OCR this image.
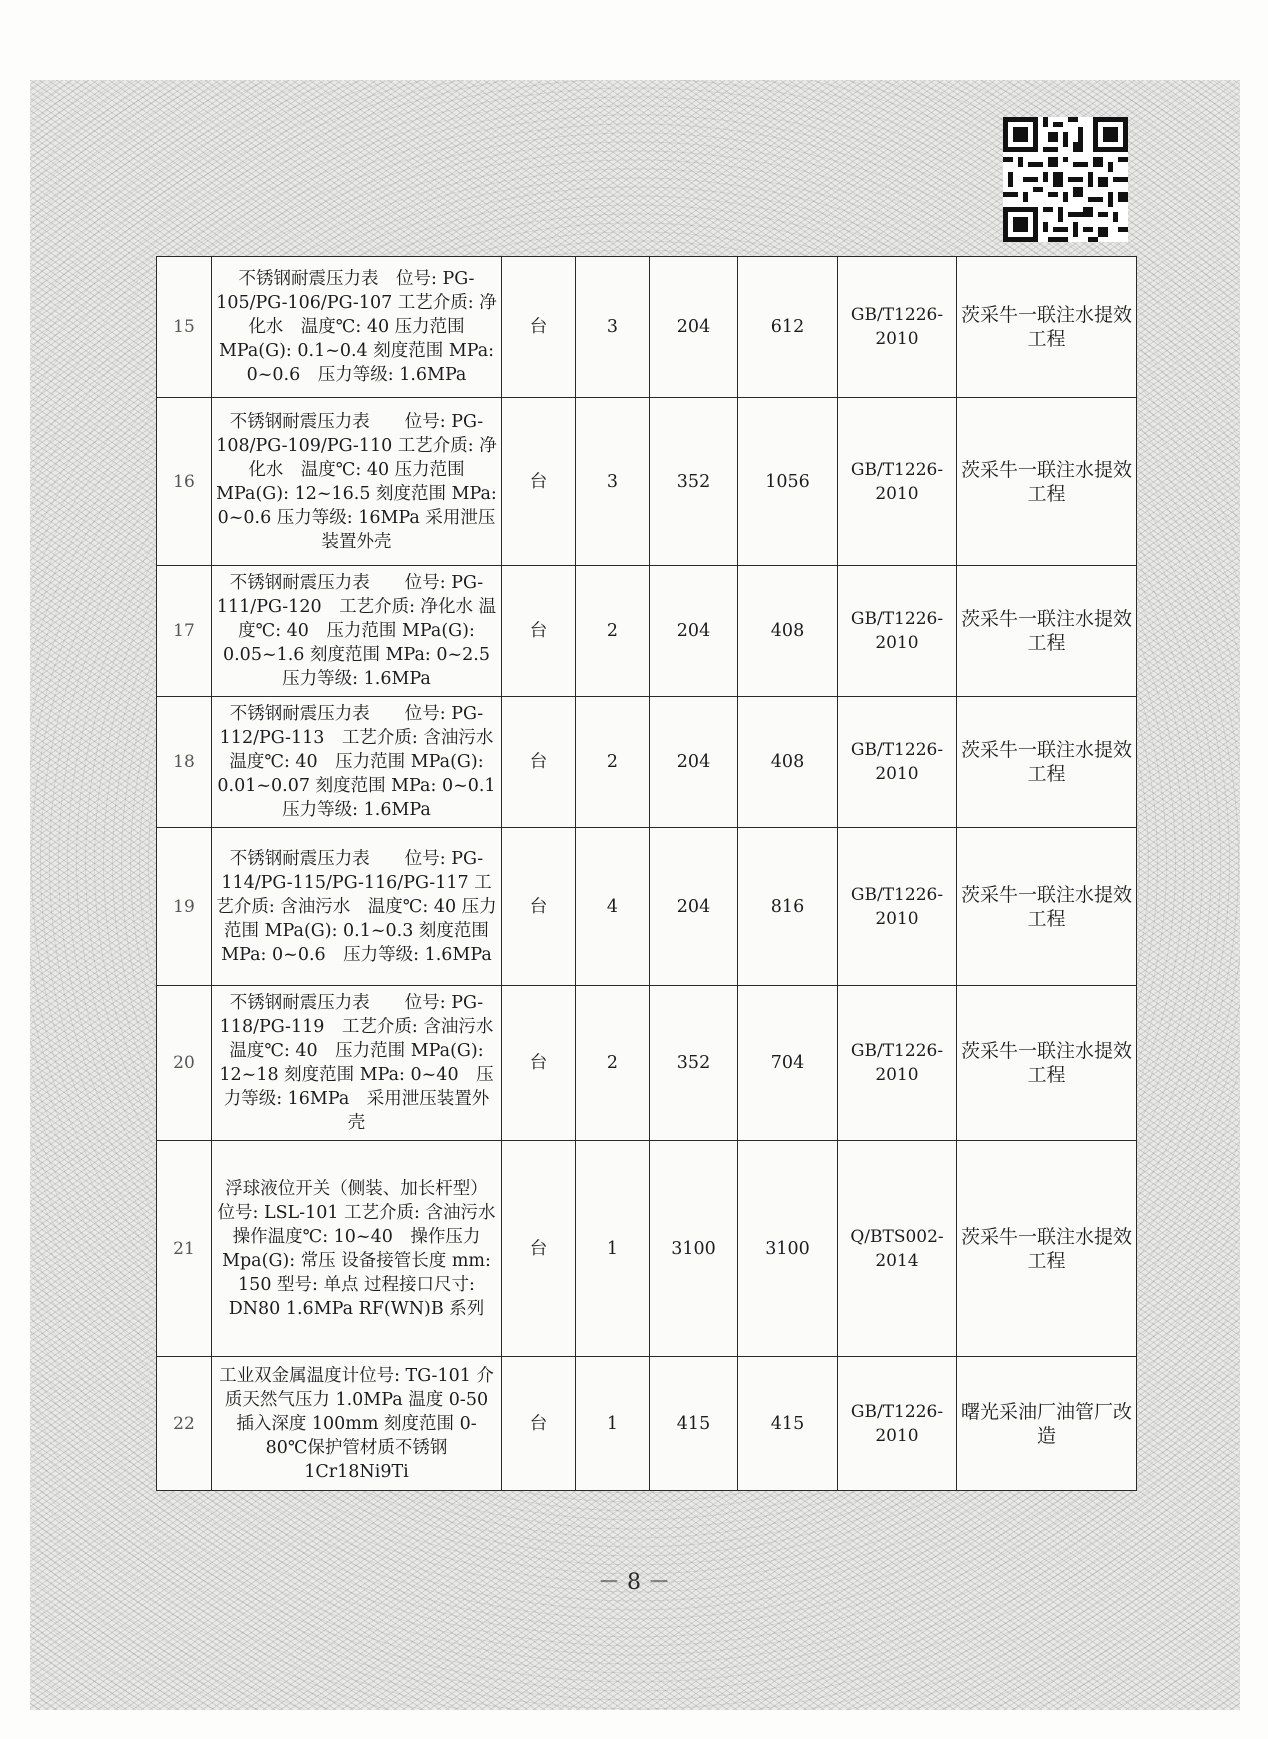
15	不锈钢耐震压力表　位号: PG-105/PG-106/PG-107 工艺介质: 净化水　温度℃: 40 压力范围 MPa(G): 0.1~0.4 刻度范围 MPa: 0~0.6　压力等级: 1.6MPa	台	3	204	612	GB/T1226-2010	茨采牛一联注水提效工程
16	不锈钢耐震压力表　　位号: PG-108/PG-109/PG-110 工艺介质: 净化水　温度℃: 40 压力范围 MPa(G): 12~16.5 刻度范围 MPa: 0~0.6 压力等级: 16MPa 采用泄压装置外壳	台	3	352	1056	GB/T1226-2010	茨采牛一联注水提效工程
17	不锈钢耐震压力表　　位号: PG-111/PG-120　工艺介质: 净化水 温度℃: 40　压力范围 MPa(G): 0.05~1.6 刻度范围 MPa: 0~2.5　压力等级: 1.6MPa	台	2	204	408	GB/T1226-2010	茨采牛一联注水提效工程
18	不锈钢耐震压力表　　位号: PG-112/PG-113　工艺介质: 含油污水 温度℃: 40　压力范围 MPa(G): 0.01~0.07 刻度范围 MPa: 0~0.1　压力等级: 1.6MPa	台	2	204	408	GB/T1226-2010	茨采牛一联注水提效工程
19	不锈钢耐震压力表　　位号: PG-114/PG-115/PG-116/PG-117 工艺介质: 含油污水　温度℃: 40 压力范围 MPa(G): 0.1~0.3 刻度范围 MPa: 0~0.6　压力等级: 1.6MPa	台	4	204	816	GB/T1226-2010	茨采牛一联注水提效工程
20	不锈钢耐震压力表　　位号: PG-118/PG-119　工艺介质: 含油污水　温度℃: 40　压力范围 MPa(G): 12~18 刻度范围 MPa: 0~40　压力等级: 16MPa　采用泄压装置外壳	台	2	352	704	GB/T1226-2010	茨采牛一联注水提效工程
21	浮球液位开关（侧装、加长杆型） 位号: LSL-101 工艺介质: 含油污水 操作温度℃: 10~40　操作压力 Mpa(G): 常压 设备接管长度 mm: 150 型号: 单点 过程接口尺寸: DN80 1.6MPa RF(WN)B 系列	台	1	3100	3100	Q/BTS002-2014	茨采牛一联注水提效工程
22	工业双金属温度计位号: TG-101 介质天然气压力 1.0MPa 温度 0-50 插入深度 100mm 刻度范围 0-80℃保护管材质不锈钢 1Cr18Ni9Ti	台	1	415	415	GB/T1226-2010	曙光采油厂油管厂改造
－ 8 －
